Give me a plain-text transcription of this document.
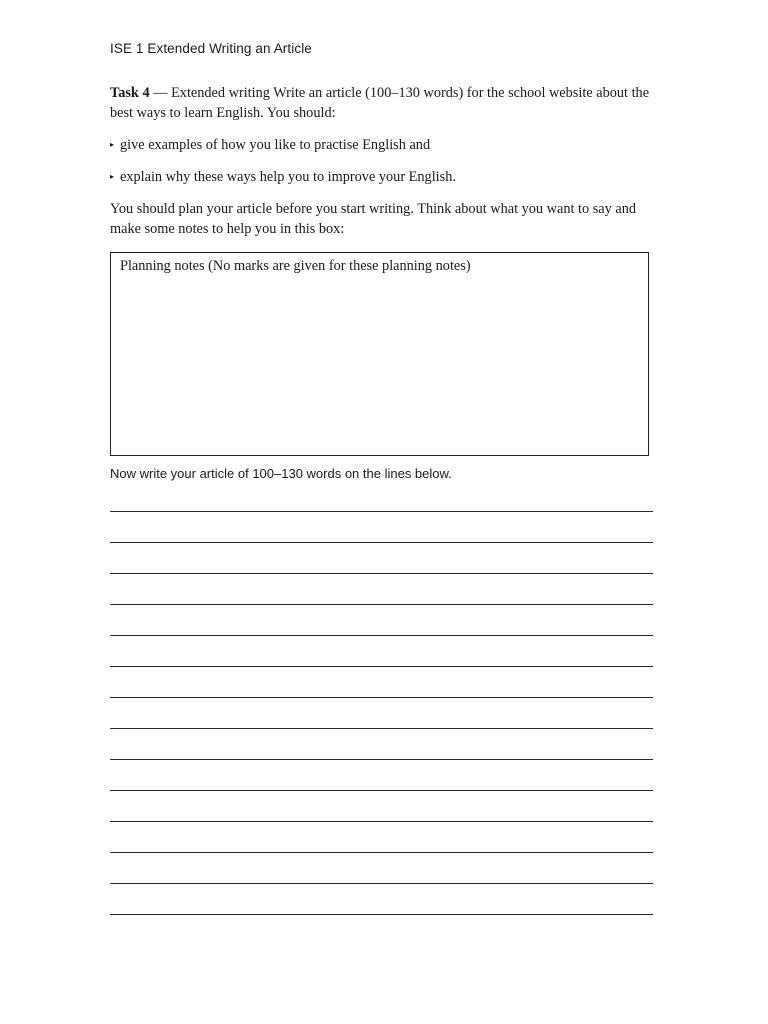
ISE 1 Extended Writing an Article
Task 4 — Extended writing Write an article (100–130 words) for the school website about the best ways to learn English. You should:
▸ give examples of how you like to practise English and
▸ explain why these ways help you to improve your English.
You should plan your article before you start writing. Think about what you want to say and make some notes to help you in this box:
Planning notes (No marks are given for these planning notes)
Now write your article of 100–130 words on the lines below.
